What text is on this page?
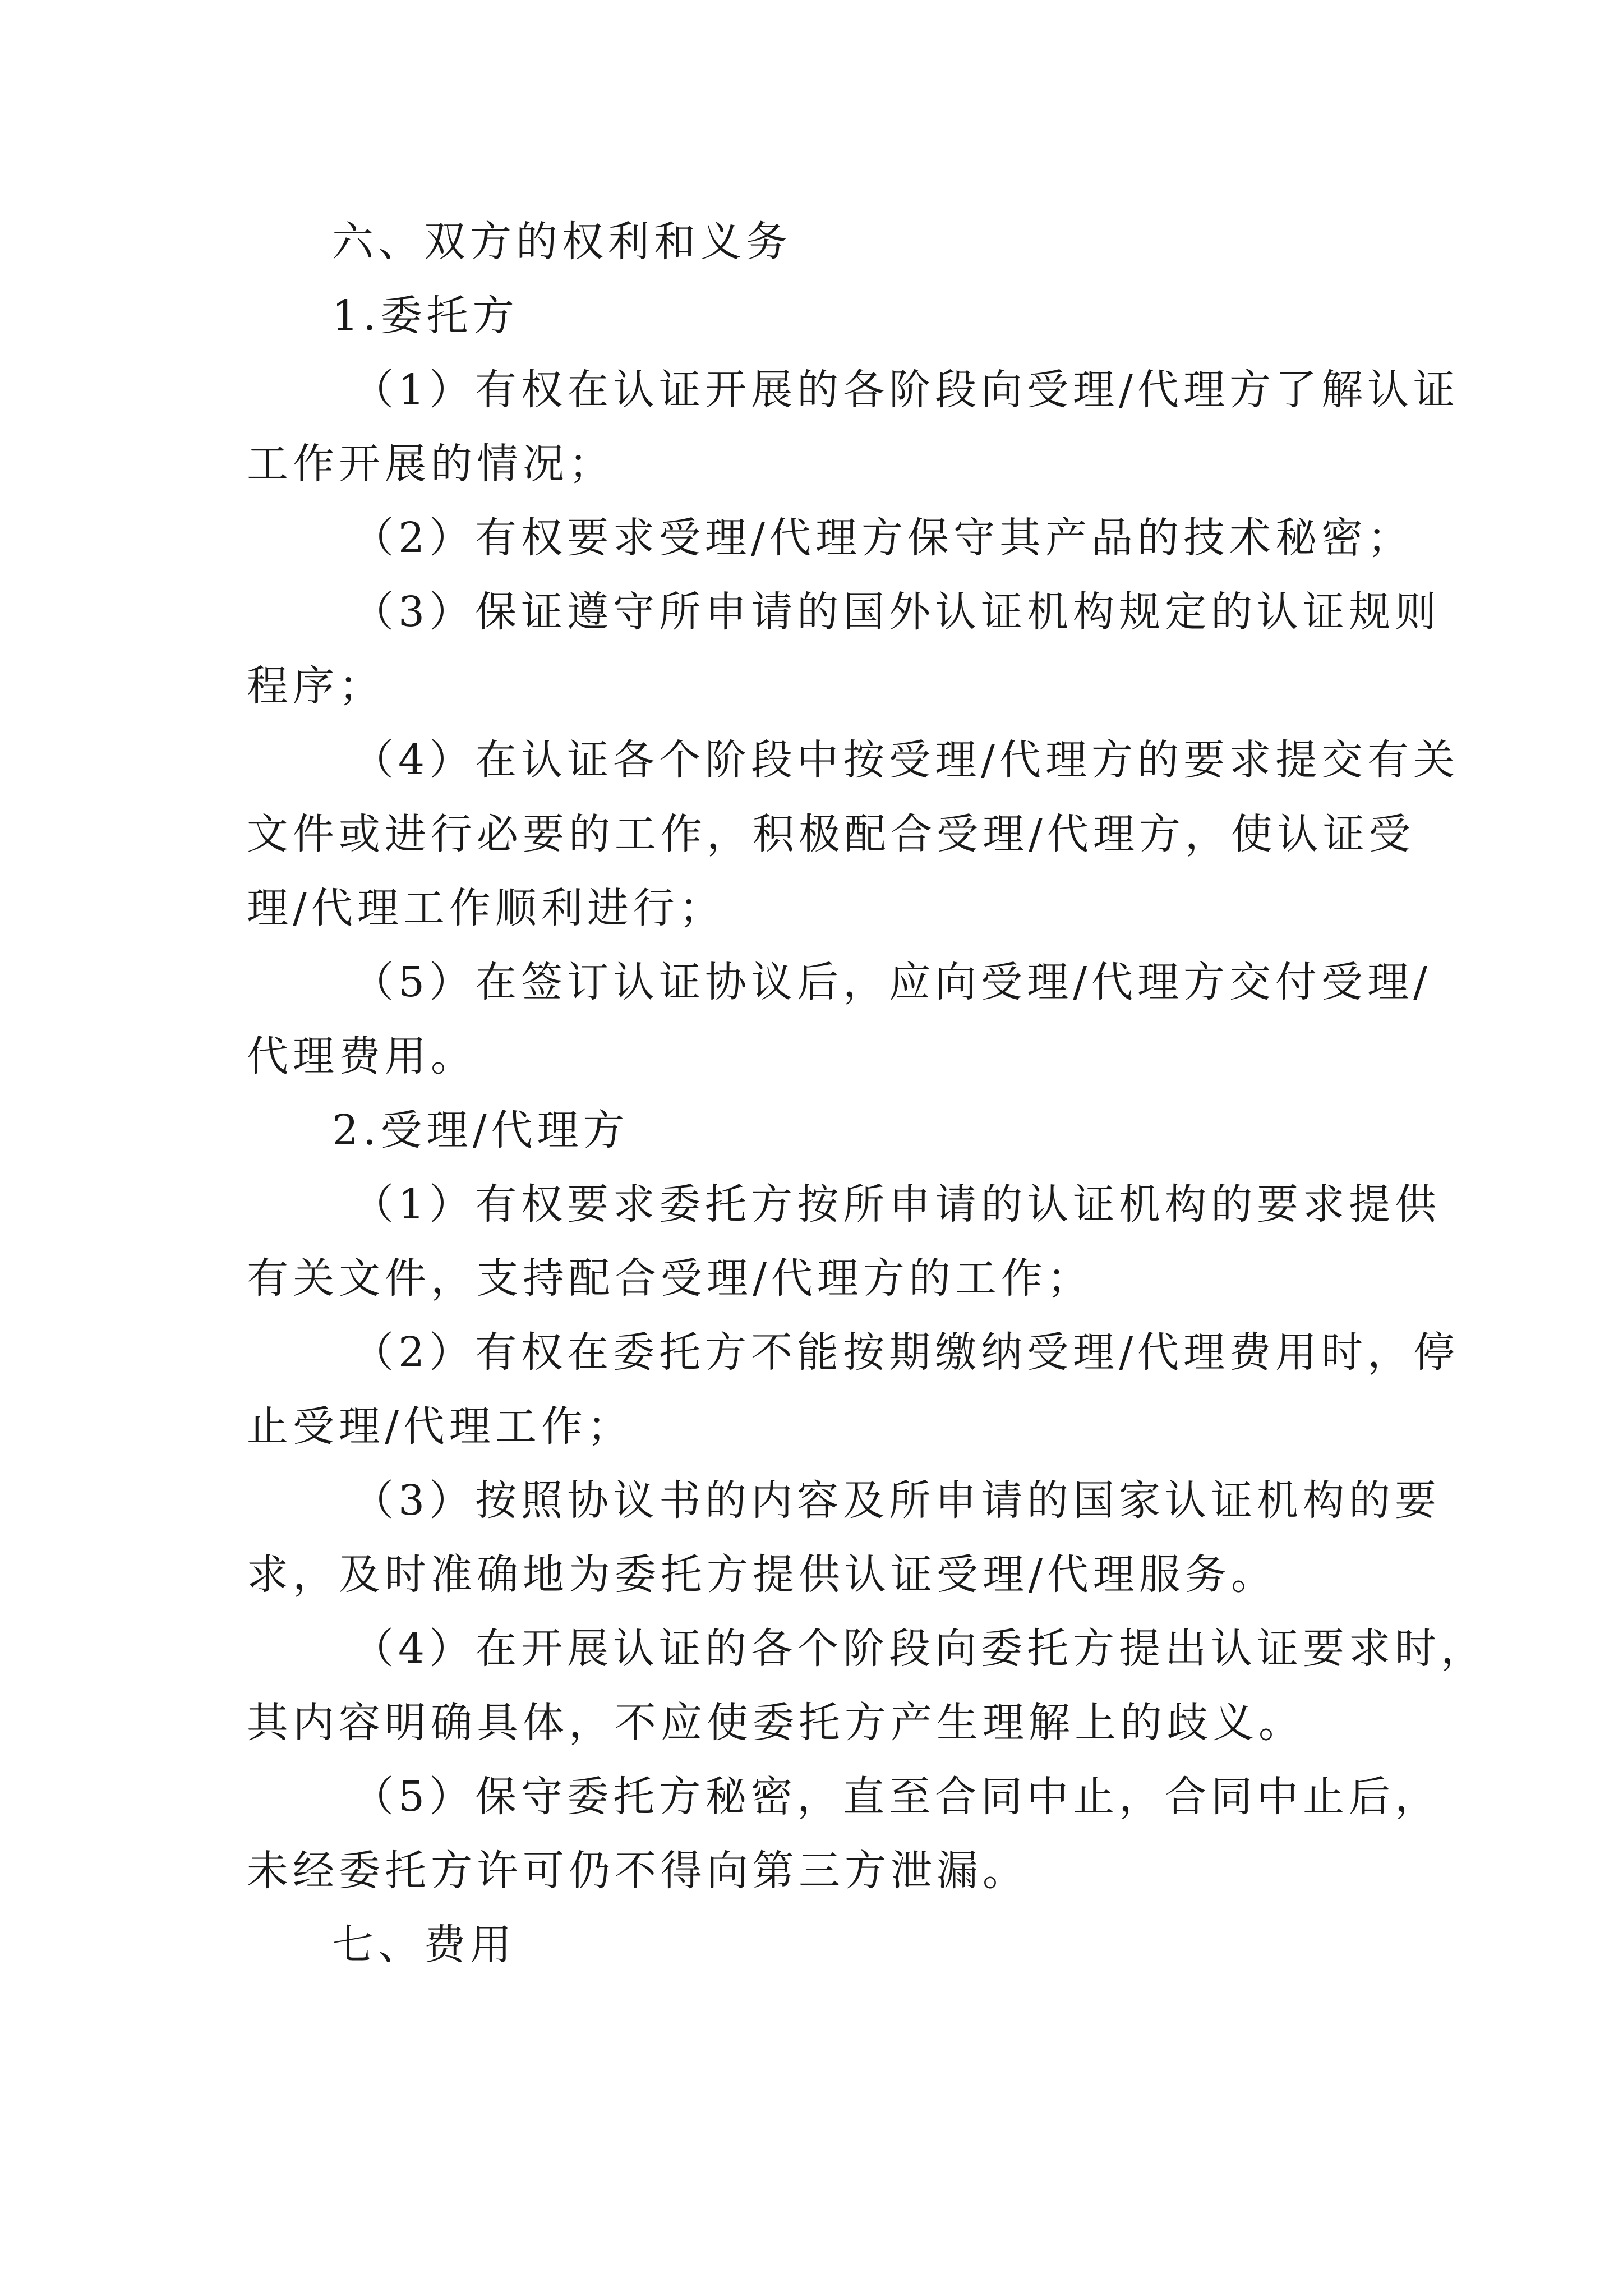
六、双方的权利和义务

1.委托方

（1）有权在认证开展的各阶段向受理/代理方了解认证

工作开展的情况；

（2）有权要求受理/代理方保守其产品的技术秘密；

（3）保证遵守所申请的国外认证机构规定的认证规则

程序；

（4）在认证各个阶段中按受理/代理方的要求提交有关

文件或进行必要的工作，积极配合受理/代理方，使认证受

理/代理工作顺利进行；

（5）在签订认证协议后，应向受理/代理方交付受理/

代理费用。

2.受理/代理方

（1）有权要求委托方按所申请的认证机构的要求提供

有关文件，支持配合受理/代理方的工作；

（2）有权在委托方不能按期缴纳受理/代理费用时，停

止受理/代理工作；

（3）按照协议书的内容及所申请的国家认证机构的要

求，及时准确地为委托方提供认证受理/代理服务。

（4）在开展认证的各个阶段向委托方提出认证要求时，

其内容明确具体，不应使委托方产生理解上的歧义。

（5）保守委托方秘密，直至合同中止，合同中止后，

未经委托方许可仍不得向第三方泄漏。

七、费用
